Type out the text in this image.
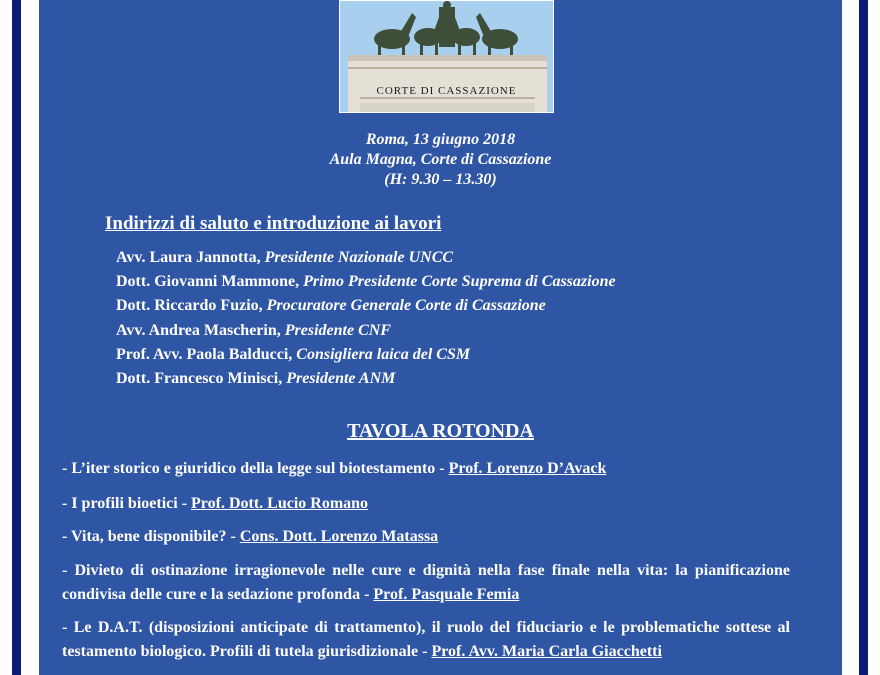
CORTE DI CASSAZIONE
Roma, 13 giugno 2018
Aula Magna, Corte di Cassazione
(H: 9.30 – 13.30)
Indirizzi di saluto e introduzione ai lavori
Avv. Laura Jannotta, Presidente Nazionale UNCC
Dott. Giovanni Mammone, Primo Presidente Corte Suprema di Cassazione
Dott. Riccardo Fuzio, Procuratore Generale Corte di Cassazione
Avv. Andrea Mascherin, Presidente CNF
Prof. Avv. Paola Balducci, Consigliera laica del CSM
Dott. Francesco Minisci, Presidente ANM
TAVOLA ROTONDA
- L’iter storico e giuridico della legge sul biotestamento - Prof. Lorenzo D’Avack
- I profili bioetici - Prof. Dott. Lucio Romano
- Vita, bene disponibile? - Cons. Dott. Lorenzo Matassa
- Divieto di ostinazione irragionevole nelle cure e dignità nella fase finale nella vita: la pianificazione condivisa delle cure e la sedazione profonda - Prof. Pasquale Femia
- Le D.A.T. (disposizioni anticipate di trattamento), il ruolo del fiduciario e le problematiche sottese al testamento biologico. Profili di tutela giurisdizionale - Prof. Avv. Maria Carla Giacchetti
